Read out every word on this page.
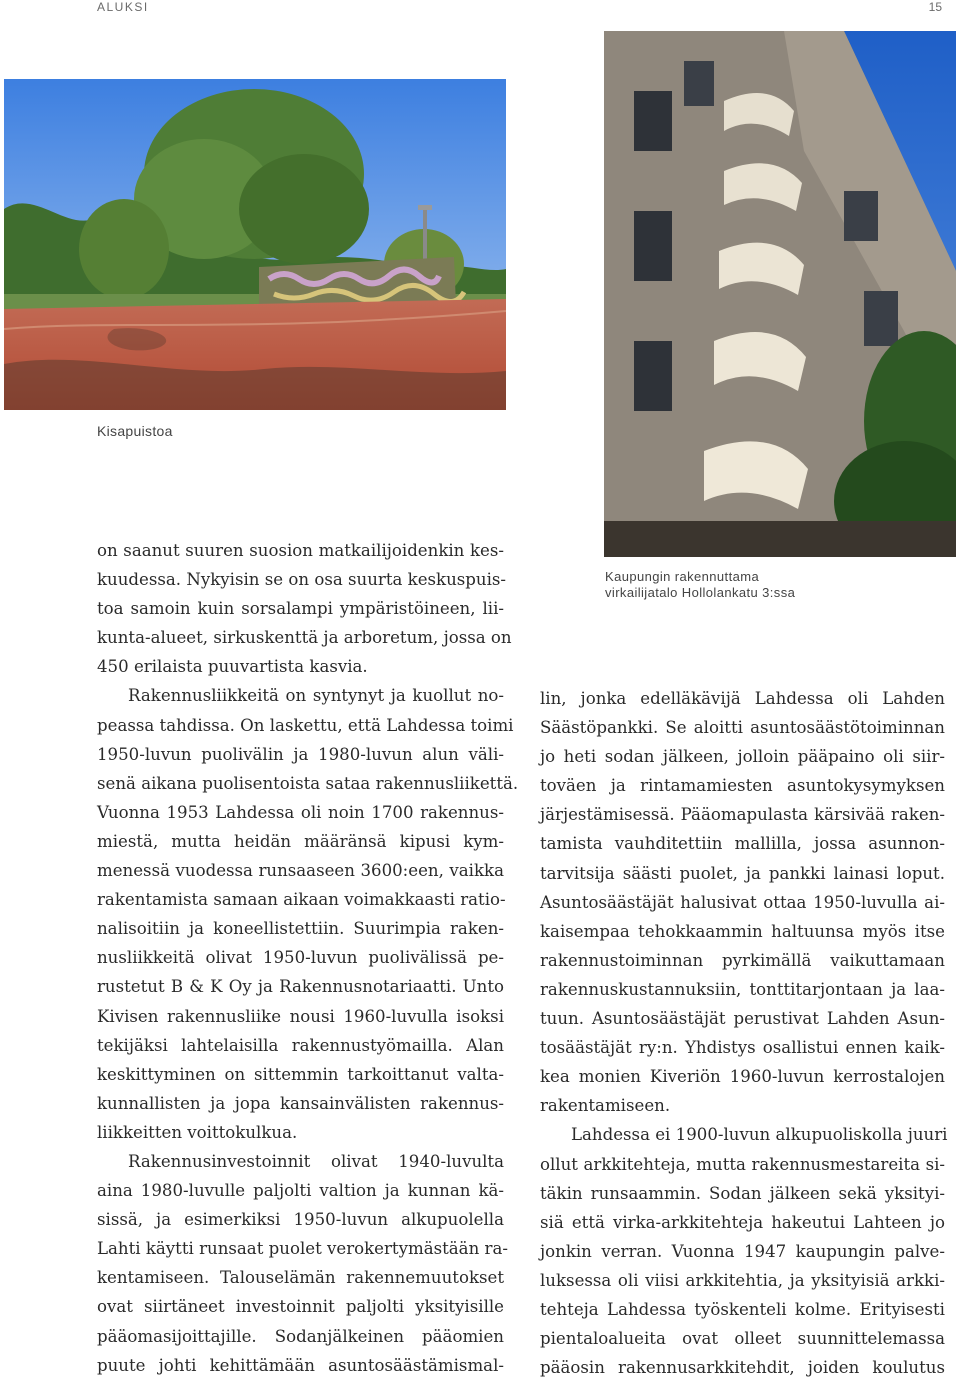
ALUKSI	15
Kisapuistoa
Kaupungin rakennuttama
virkailijatalo Hollolankatu 3:ssa
on saanut suuren suosion matkailijoidenkin kes-
kuudessa. Nykyisin se on osa suurta keskuspuis-
toa samoin kuin sorsalampi ympäristöineen, lii-
kunta-alueet, sirkuskenttä ja arboretum, jossa on
450 erilaista puuvartista kasvia.
Rakennusliikkeitä on syntynyt ja kuollut no-
peassa tahdissa. On laskettu, että Lahdessa toimi
1950-luvun puolivälin ja 1980-luvun alun väli-
senä aikana puolisentoista sataa rakennusliikettä.
Vuonna 1953 Lahdessa oli noin 1700 rakennus-
miestä, mutta heidän määränsä kipusi kym-
menessä vuodessa runsaaseen 3600:een, vaikka
rakentamista samaan aikaan voimakkaasti ratio-
nalisoitiin ja koneellistettiin. Suurimpia raken-
nusliikkeitä olivat 1950-luvun puolivälissä pe-
rustetut B & K Oy ja Rakennusnotariaatti. Unto
Kivisen rakennusliike nousi 1960-luvulla isoksi
tekijäksi lahtelaisilla rakennustyömailla. Alan
keskittyminen on sittemmin tarkoittanut valta-
kunnallisten ja jopa kansainvälisten rakennus-
liikkeitten voittokulkua.
Rakennusinvestoinnit olivat 1940-luvulta
aina 1980-luvulle paljolti valtion ja kunnan kä-
sissä, ja esimerkiksi 1950-luvun alkupuolella
Lahti käytti runsaat puolet verokertymästään ra-
kentamiseen. Talouselämän rakennemuutokset
ovat siirtäneet investoinnit paljolti yksityisille
pääomasijoittajille. Sodanjälkeinen pääomien
puute johti kehittämään asuntosäästämismal-
lin, jonka edelläkävijä Lahdessa oli Lahden
Säästöpankki. Se aloitti asuntosäästötoiminnan
jo heti sodan jälkeen, jolloin pääpaino oli siir-
toväen ja rintamamiesten asuntokysymyksen
järjestämisessä. Pääomapulasta kärsivää raken-
tamista vauhditettiin mallilla, jossa asunnon-
tarvitsija säästi puolet, ja pankki lainasi loput.
Asuntosäästäjät halusivat ottaa 1950-luvulla ai-
kaisempaa tehokkaammin haltuunsa myös itse
rakennustoiminnan pyrkimällä vaikuttamaan
rakennuskustannuksiin, tonttitarjontaan ja laa-
tuun. Asuntosäästäjät perustivat Lahden Asun-
tosäästäjät ry:n. Yhdistys osallistui ennen kaik-
kea monien Kiveriön 1960-luvun kerrostalojen
rakentamiseen.
Lahdessa ei 1900-luvun alkupuoliskolla juuri
ollut arkkitehteja, mutta rakennusmestareita si-
täkin runsaammin. Sodan jälkeen sekä yksityi-
siä että virka-arkkitehteja hakeutui Lahteen jo
jonkin verran. Vuonna 1947 kaupungin palve-
luksessa oli viisi arkkitehtia, ja yksityisiä arkki-
tehteja Lahdessa työskenteli kolme. Erityisesti
pientaloalueita ovat olleet suunnittelemassa
pääosin rakennusarkkitehdit, joiden koulutus
